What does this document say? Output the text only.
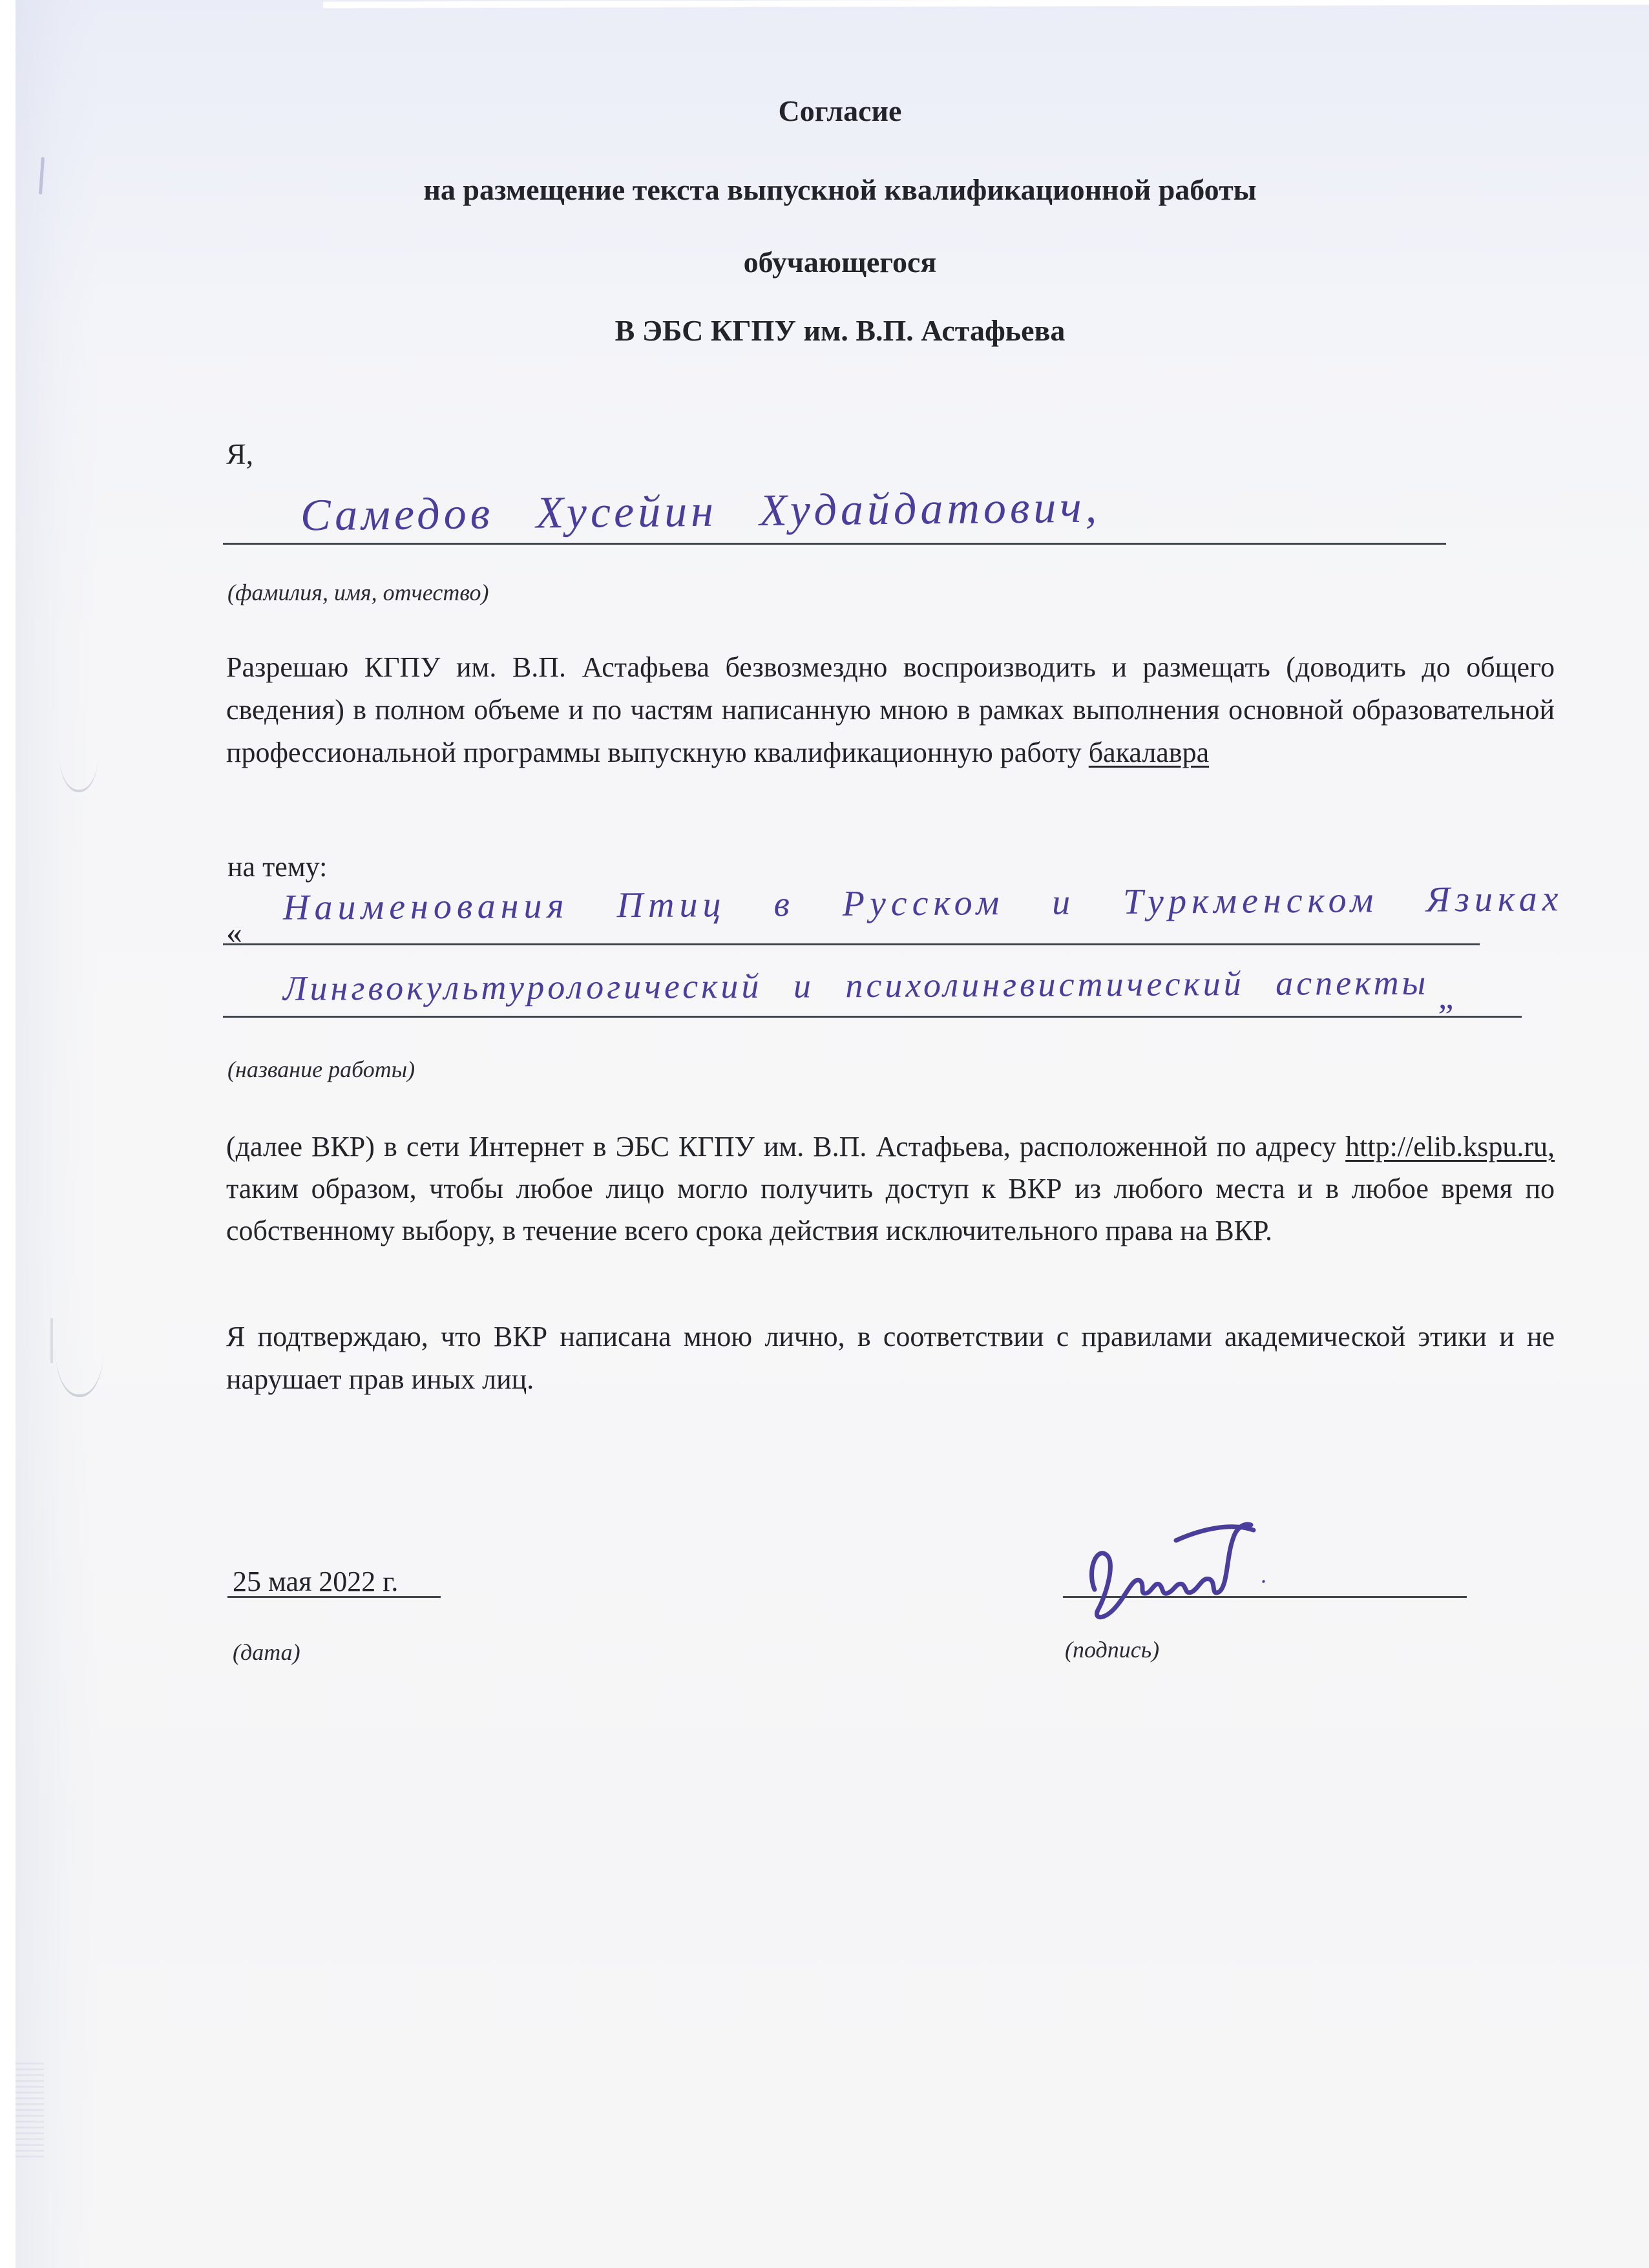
Согласие
на размещение текста выпускной квалификационной работы
обучающегося
В ЭБС КГПУ им. В.П. Астафьева
Я,
Самедов Хусейин Худайдатович,
(фамилия, имя, отчество)
Разрешаю КГПУ им. В.П. Астафьева безвозмездно воспроизводить и размещать (доводить до общего сведения) в полном объеме и по частям написанную мною в рамках выполнения основной образовательной профессиональной программы выпускную квалификационную работу бакалавра
на тему:
«
Наименования Птиц в Русском и Туркменском Язиках
Лингвокультурологический и психолингвистический аспекты „
(название работы)
(далее ВКР) в сети Интернет в ЭБС КГПУ им. В.П. Астафьева, расположенной по адресу http://elib.kspu.ru, таким образом, чтобы любое лицо могло получить доступ к ВКР из любого места и в любое время по собственному выбору, в течение всего срока действия исключительного права на ВКР.
Я подтверждаю, что ВКР написана мною лично, в соответствии с правилами академической этики и не нарушает прав иных лиц.
25 мая 2022 г.
(дата)	(подпись)
